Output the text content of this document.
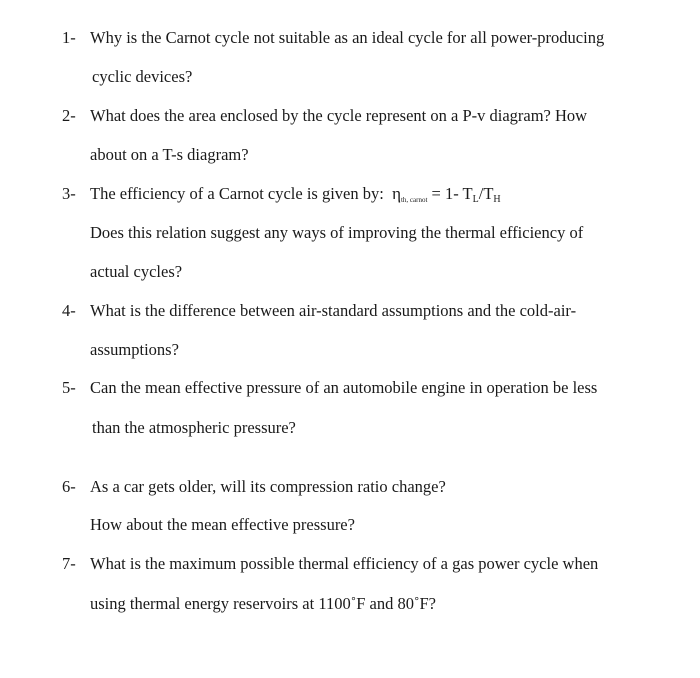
1- Why is the Carnot cycle not suitable as an ideal cycle for all power-producing
cyclic devices?
2- What does the area enclosed by the cycle represent on a P-v diagram? How
about on a T-s diagram?
3- The efficiency of a Carnot cycle is given by: $\eta_{th, carnot} = 1-$ TL/TH
Does this relation suggest any ways of improving the thermal efficiency of
actual cycles?
4- What is the difference between air-standard assumptions and the cold-air-
assumptions?
5- Can the mean effective pressure of an automobile engine in operation be less
than the atmospheric pressure?
6- As a car gets older, will its compression ratio change?
How about the mean effective pressure?
7- What is the maximum possible thermal efficiency of a gas power cycle when
using thermal energy reservoirs at 1100˚F and 80˚F?
